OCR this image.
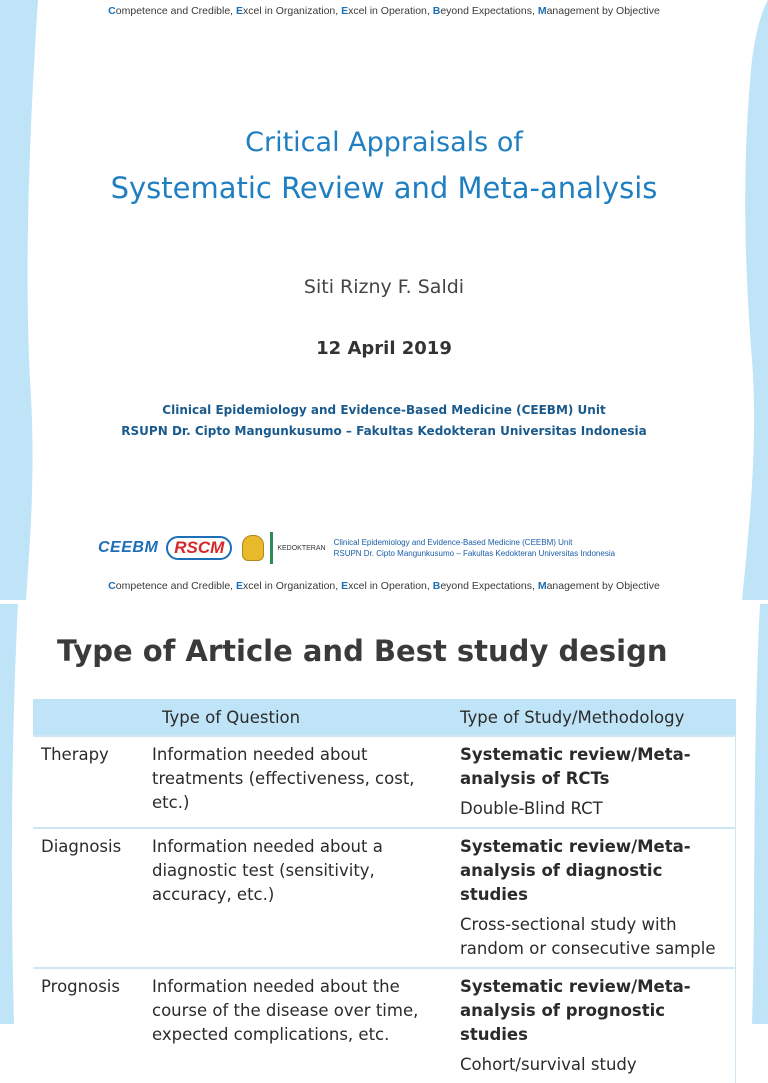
Competence and Credible, Excel in Organization, Excel in Operation, Beyond Expectations, Management by Objective
Critical Appraisals of
Systematic Review and Meta-analysis
Siti Rizny F. Saldi
12 April 2019
Clinical Epidemiology and Evidence-Based Medicine (CEEBM) Unit
RSUPN Dr. Cipto Mangunkusumo – Fakultas Kedokteran Universitas Indonesia
CEEBM RSCM	KEDOKTERAN
Clinical Epidemiology and Evidence-Based Medicine (CEEBM) Unit
RSUPN Dr. Cipto Mangunkusumo – Fakultas Kedokteran Universitas Indonesia
Competence and Credible, Excel in Organization, Excel in Operation, Beyond Expectations, Management by Objective
Type of Article and Best study design
	Type of Question	Type of Study/Methodology
Therapy	Information needed about treatments (effectiveness, cost, etc.)	Systematic review/Meta-analysis of RCTs
Double-Blind RCT

Diagnosis	Information needed about a diagnostic test (sensitivity, accuracy, etc.)	Systematic review/Meta-analysis of diagnostic studies
Cross-sectional study with random or consecutive sample

Prognosis	Information needed about the course of the disease over time, expected complications, etc.	Systematic review/Meta-analysis of prognostic studies
Cohort/survival study
